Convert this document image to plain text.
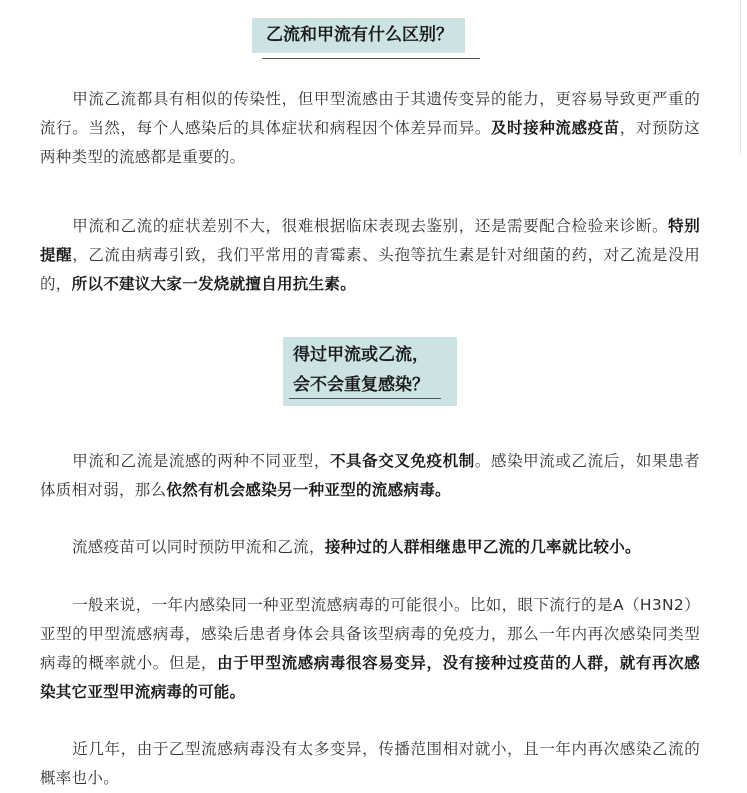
乙流和甲流有什么区别？

甲流乙流都具有相似的传染性，但甲型流感由于其遗传变异的能力，更容易导致更严重的流行。当然，每个人感染后的具体症状和病程因个体差异而异。及时接种流感疫苗，对预防这两种类型的流感都是重要的。

甲流和乙流的症状差别不大，很难根据临床表现去鉴别，还是需要配合检验来诊断。特别提醒，乙流由病毒引致，我们平常用的青霉素、头孢等抗生素是针对细菌的药，对乙流是没用的，所以不建议大家一发烧就擅自用抗生素。

得过甲流或乙流，
会不会重复感染？

甲流和乙流是流感的两种不同亚型，不具备交叉免疫机制。感染甲流或乙流后，如果患者体质相对弱，那么依然有机会感染另一种亚型的流感病毒。

流感疫苗可以同时预防甲流和乙流，接种过的人群相继患甲乙流的几率就比较小。

一般来说，一年内感染同一种亚型流感病毒的可能很小。比如，眼下流行的是A（H3N2）亚型的甲型流感病毒，感染后患者身体会具备该型病毒的免疫力，那么一年内再次感染同类型病毒的概率就小。但是，由于甲型流感病毒很容易变异，没有接种过疫苗的人群，就有再次感染其它亚型甲流病毒的可能。

近几年，由于乙型流感病毒没有太多变异，传播范围相对就小，且一年内再次感染乙流的概率也小。
